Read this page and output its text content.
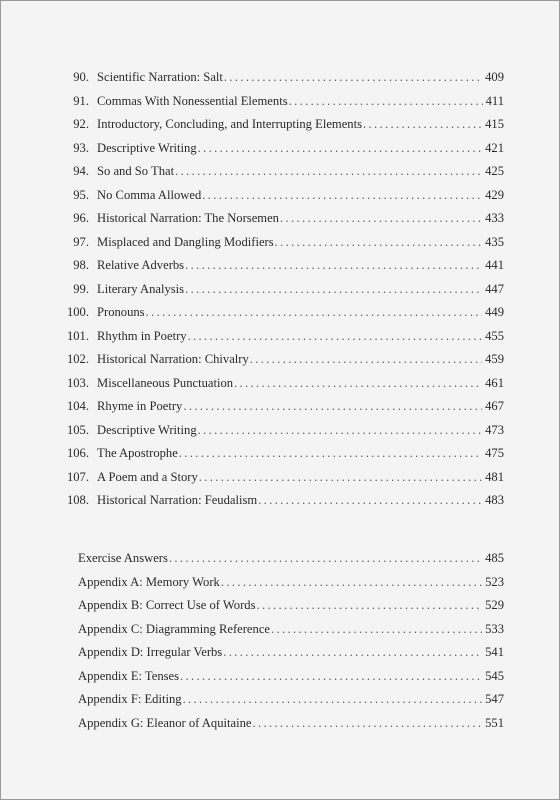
90. Scientific Narration: Salt . . .	409
91. Commas With Nonessential Elements . . .	411
92. Introductory, Concluding, and Interrupting Elements . . .	415
93. Descriptive Writing . . .	421
94. So and So That . . .	425
95. No Comma Allowed . . .	429
96. Historical Narration: The Norsemen . . .	433
97. Misplaced and Dangling Modifiers . . .	435
98. Relative Adverbs . . .	441
99. Literary Analysis . . .	447
100. Pronouns . . .	449
101. Rhythm in Poetry . . .	455
102. Historical Narration: Chivalry . . .	459
103. Miscellaneous Punctuation . . .	461
104. Rhyme in Poetry . . .	467
105. Descriptive Writing . . .	473
106. The Apostrophe . . .	475
107. A Poem and a Story . . .	481
108. Historical Narration: Feudalism . . .	483
Exercise Answers . . .	485
Appendix A: Memory Work . . .	523
Appendix B: Correct Use of Words . . .	529
Appendix C: Diagramming Reference . . .	533
Appendix D: Irregular Verbs . . .	541
Appendix E: Tenses . . .	545
Appendix F: Editing . . .	547
Appendix G: Eleanor of Aquitaine . . .	551
